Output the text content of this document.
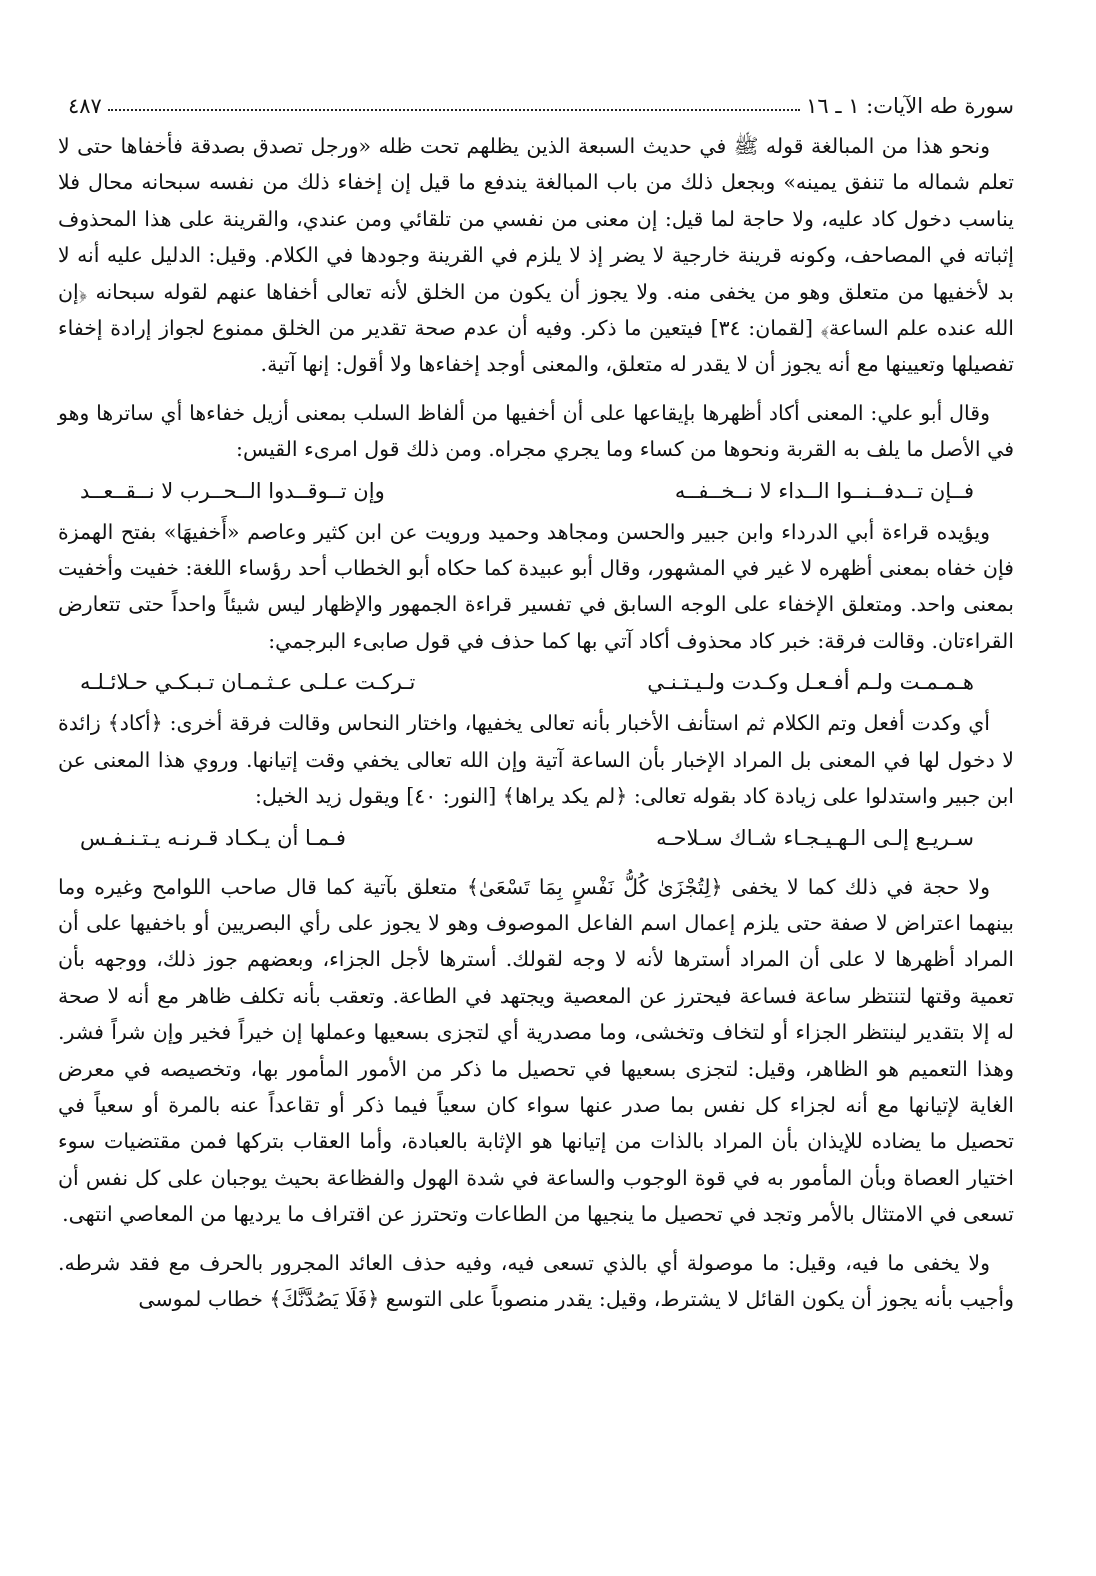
سورة طه الآيات: ١ ـ ١٦
٤٨٧

ونحو هذا من المبالغة قوله ﷺ في حديث السبعة الذين يظلهم تحت ظله «ورجل تصدق بصدقة فأخفاها حتى لا تعلم شماله ما تنفق يمينه» وبجعل ذلك من باب المبالغة يندفع ما قيل إن إخفاء ذلك من نفسه سبحانه محال فلا يناسب دخول كاد عليه، ولا حاجة لما قيل: إن معنى من نفسي من تلقائي ومن عندي، والقرينة على هذا المحذوف إثباته في المصاحف، وكونه قرينة خارجية لا يضر إذ لا يلزم في القرينة وجودها في الكلام. وقيل: الدليل عليه أنه لا بد لأخفيها من متعلق وهو من يخفى منه. ولا يجوز أن يكون من الخلق لأنه تعالى أخفاها عنهم لقوله سبحانه ﴿إن الله عنده علم الساعة﴾ [لقمان: ٣٤] فيتعين ما ذكر. وفيه أن عدم صحة تقدير من الخلق ممنوع لجواز إرادة إخفاء تفصيلها وتعيينها مع أنه يجوز أن لا يقدر له متعلق، والمعنى أوجد إخفاءها ولا أقول: إنها آتية.

وقال أبو علي: المعنى أكاد أظهرها بإيقاعها على أن أخفيها من ألفاظ السلب بمعنى أزيل خفاءها أي ساترها وهو في الأصل ما يلف به القربة ونحوها من كساء وما يجري مجراه. ومن ذلك قول امرىء القيس:

فــإن تــدفــنــوا الــداء لا نــخــفــه
وإن تــوقــدوا الــحــرب لا نــقــعــد

ويؤيده قراءة أبي الدرداء وابن جبير والحسن ومجاهد وحميد ورويت عن ابن كثير وعاصم «أَخفيهَا» بفتح الهمزة فإن خفاه بمعنى أظهره لا غير في المشهور، وقال أبو عبيدة كما حكاه أبو الخطاب أحد رؤساء اللغة: خفيت وأخفيت بمعنى واحد. ومتعلق الإخفاء على الوجه السابق في تفسير قراءة الجمهور والإظهار ليس شيئاً واحداً حتى تتعارض القراءتان. وقالت فرقة: خبر كاد محذوف أكاد آتي بها كما حذف في قول صابىء البرجمي:

هـمـمـت ولـم أفـعـل وكـدت ولـيـتـنـي
تـركـت عـلـى عـثـمـان تـبـكـي حـلائـلـه

أي وكدت أفعل وتم الكلام ثم استأنف الأخبار بأنه تعالى يخفيها، واختار النحاس وقالت فرقة أخرى: ﴿أكاد﴾ زائدة لا دخول لها في المعنى بل المراد الإخبار بأن الساعة آتية وإن الله تعالى يخفي وقت إتيانها. وروي هذا المعنى عن ابن جبير واستدلوا على زيادة كاد بقوله تعالى: ﴿لم يكد يراها﴾ [النور: ٤٠] ويقول زيد الخيل:

سـريـع إلـى الـهـيـجـاء شـاك سـلاحـه
فـمـا أن يـكـاد قـرنـه يـتـنـفـس

ولا حجة في ذلك كما لا يخفى ﴿لِتُجْزَىٰ كُلُّ نَفْسٍ بِمَا تَسْعَىٰ﴾ متعلق بآتية كما قال صاحب اللوامح وغيره وما بينهما اعتراض لا صفة حتى يلزم إعمال اسم الفاعل الموصوف وهو لا يجوز على رأي البصريين أو باخفيها على أن المراد أظهرها لا على أن المراد أسترها لأنه لا وجه لقولك. أسترها لأجل الجزاء، وبعضهم جوز ذلك، ووجهه بأن تعمية وقتها لتنتظر ساعة فساعة فيحترز عن المعصية ويجتهد في الطاعة. وتعقب بأنه تكلف ظاهر مع أنه لا صحة له إلا بتقدير لينتظر الجزاء أو لتخاف وتخشى، وما مصدرية أي لتجزى بسعيها وعملها إن خيراً فخير وإن شراً فشر. وهذا التعميم هو الظاهر، وقيل: لتجزى بسعيها في تحصيل ما ذكر من الأمور المأمور بها، وتخصيصه في معرض الغاية لإتيانها مع أنه لجزاء كل نفس بما صدر عنها سواء كان سعياً فيما ذكر أو تقاعداً عنه بالمرة أو سعياً في تحصيل ما يضاده للإيذان بأن المراد بالذات من إتيانها هو الإثابة بالعبادة، وأما العقاب بتركها فمن مقتضيات سوء اختيار العصاة وبأن المأمور به في قوة الوجوب والساعة في شدة الهول والفظاعة بحيث يوجبان على كل نفس أن تسعى في الامتثال بالأمر وتجد في تحصيل ما ينجيها من الطاعات وتحترز عن اقتراف ما يرديها من المعاصي انتهى.

ولا يخفى ما فيه، وقيل: ما موصولة أي بالذي تسعى فيه، وفيه حذف العائد المجرور بالحرف مع فقد شرطه. وأجيب بأنه يجوز أن يكون القائل لا يشترط، وقيل: يقدر منصوباً على التوسع ﴿فَلَا يَصُدَّنَّكَ﴾ خطاب لموسى
